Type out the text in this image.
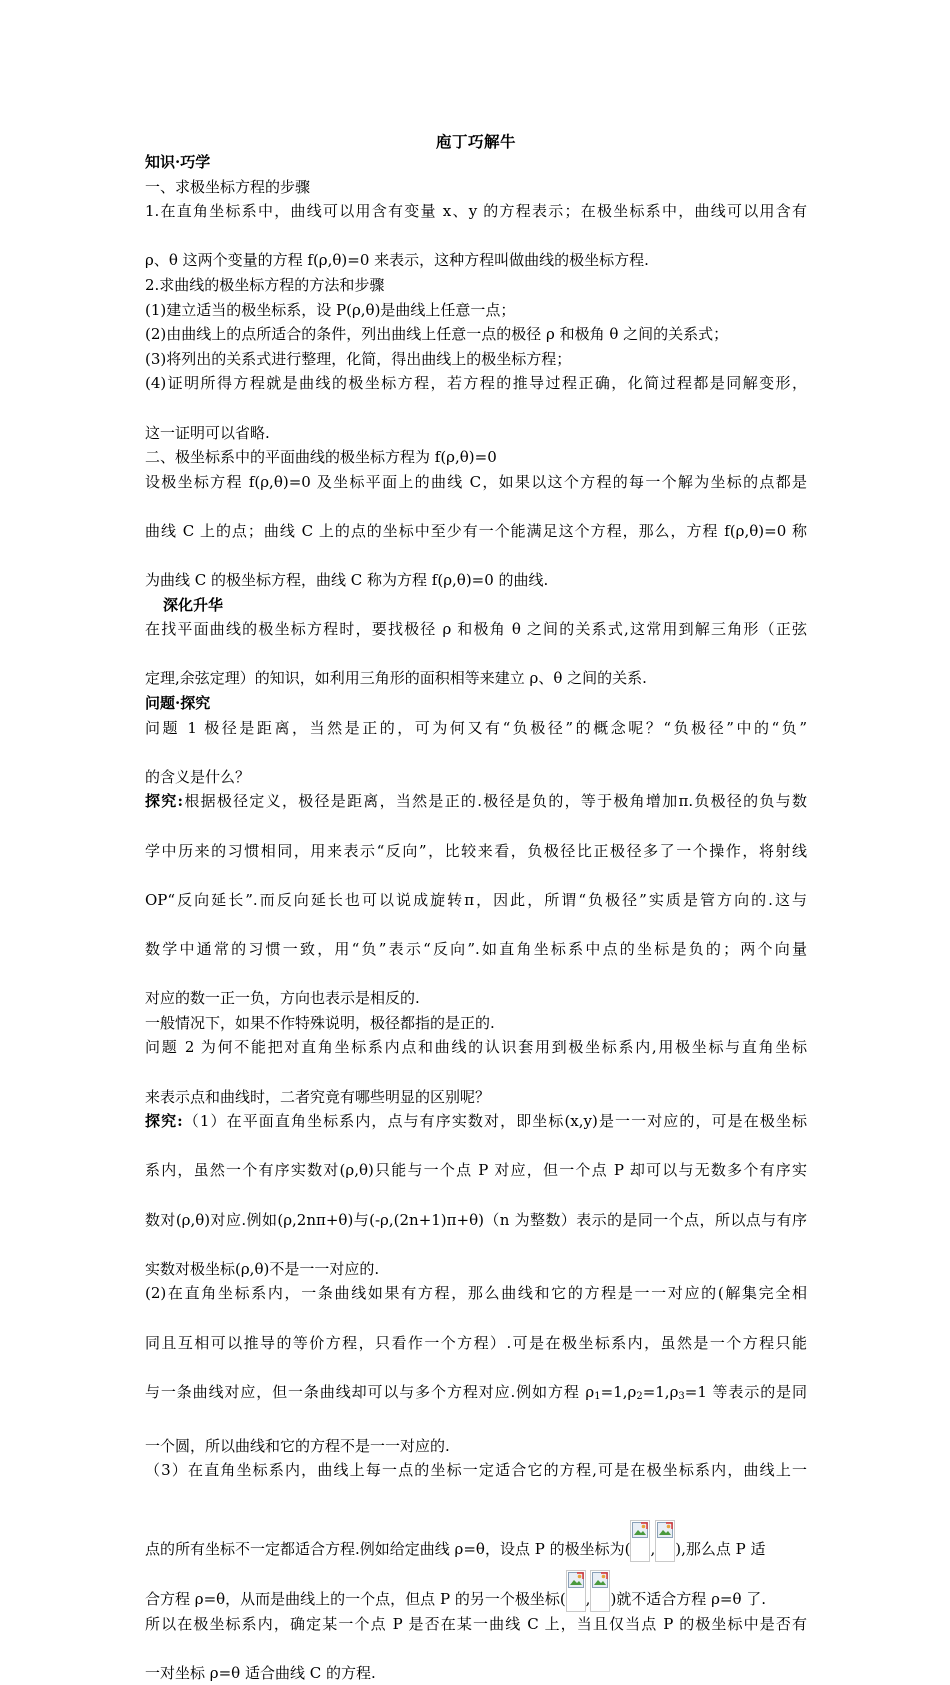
庖丁巧解牛

知识·巧学

一、求极坐标方程的步骤

1.在直角坐标系中，曲线可以用含有变量 x、y 的方程表示；在极坐标系中，曲线可以用含有

ρ、θ 这两个变量的方程 f(ρ,θ)=0 来表示，这种方程叫做曲线的极坐标方程.

2.求曲线的极坐标方程的方法和步骤

(1)建立适当的极坐标系，设 P(ρ,θ)是曲线上任意一点；

(2)由曲线上的点所适合的条件，列出曲线上任意一点的极径 ρ 和极角 θ 之间的关系式；

(3)将列出的关系式进行整理，化简，得出曲线上的极坐标方程；

(4)证明所得方程就是曲线的极坐标方程，若方程的推导过程正确，化简过程都是同解变形，

这一证明可以省略.

二、极坐标系中的平面曲线的极坐标方程为 f(ρ,θ)=0

设极坐标方程 f(ρ,θ)=0 及坐标平面上的曲线 C，如果以这个方程的每一个解为坐标的点都是

曲线 C 上的点；曲线 C 上的点的坐标中至少有一个能满足这个方程，那么，方程 f(ρ,θ)=0 称

为曲线 C 的极坐标方程，曲线 C 称为方程 f(ρ,θ)=0 的曲线.

深化升华

在找平面曲线的极坐标方程时，要找极径 ρ 和极角 θ 之间的关系式,这常用到解三角形（正弦

定理,余弦定理）的知识，如利用三角形的面积相等来建立 ρ、θ 之间的关系.

问题·探究

问题 1 极径是距离，当然是正的，可为何又有“负极径”的概念呢？“负极径”中的“负”

的含义是什么？

探究:根据极径定义，极径是距离，当然是正的.极径是负的，等于极角增加π.负极径的负与数

学中历来的习惯相同，用来表示“反向”，比较来看，负极径比正极径多了一个操作，将射线

OP“反向延长”.而反向延长也可以说成旋转π，因此，所谓“负极径”实质是管方向的.这与

数学中通常的习惯一致，用“负”表示“反向”.如直角坐标系中点的坐标是负的；两个向量

对应的数一正一负，方向也表示是相反的.

一般情况下，如果不作特殊说明，极径都指的是正的.

问题 2 为何不能把对直角坐标系内点和曲线的认识套用到极坐标系内,用极坐标与直角坐标

来表示点和曲线时，二者究竟有哪些明显的区别呢？

探究:（1）在平面直角坐标系内，点与有序实数对，即坐标(x,y)是一一对应的，可是在极坐标

系内，虽然一个有序实数对(ρ,θ)只能与一个点 P 对应，但一个点 P 却可以与无数多个有序实

数对(ρ,θ)对应.例如(ρ,2nπ+θ)与(-ρ,(2n+1)π+θ)（n 为整数）表示的是同一个点，所以点与有序

实数对极坐标(ρ,θ)不是一一对应的.

(2)在直角坐标系内，一条曲线如果有方程，那么曲线和它的方程是一一对应的(解集完全相

同且互相可以推导的等价方程，只看作一个方程）.可是在极坐标系内，虽然是一个方程只能

与一条曲线对应，但一条曲线却可以与多个方程对应.例如方程 $\rho_1=1,\rho_2=1,\rho_3=1$ 等表示的是同

一个圆，所以曲线和它的方程不是一一对应的.

（3）在直角坐标系内，曲线上每一点的坐标一定适合它的方程,可是在极坐标系内，曲线上一

点的所有坐标不一定都适合方程.例如给定曲线 ρ=θ，设点 P 的极坐标为( , ),那么点 P 适

合方程 ρ=θ，从而是曲线上的一个点，但点 P 的另一个极坐标( , )就不适合方程 ρ=θ 了.

所以在极坐标系内，确定某一个点 P 是否在某一曲线 C 上，当且仅当点 P 的极坐标中是否有

一对坐标 ρ=θ 适合曲线 C 的方程.
